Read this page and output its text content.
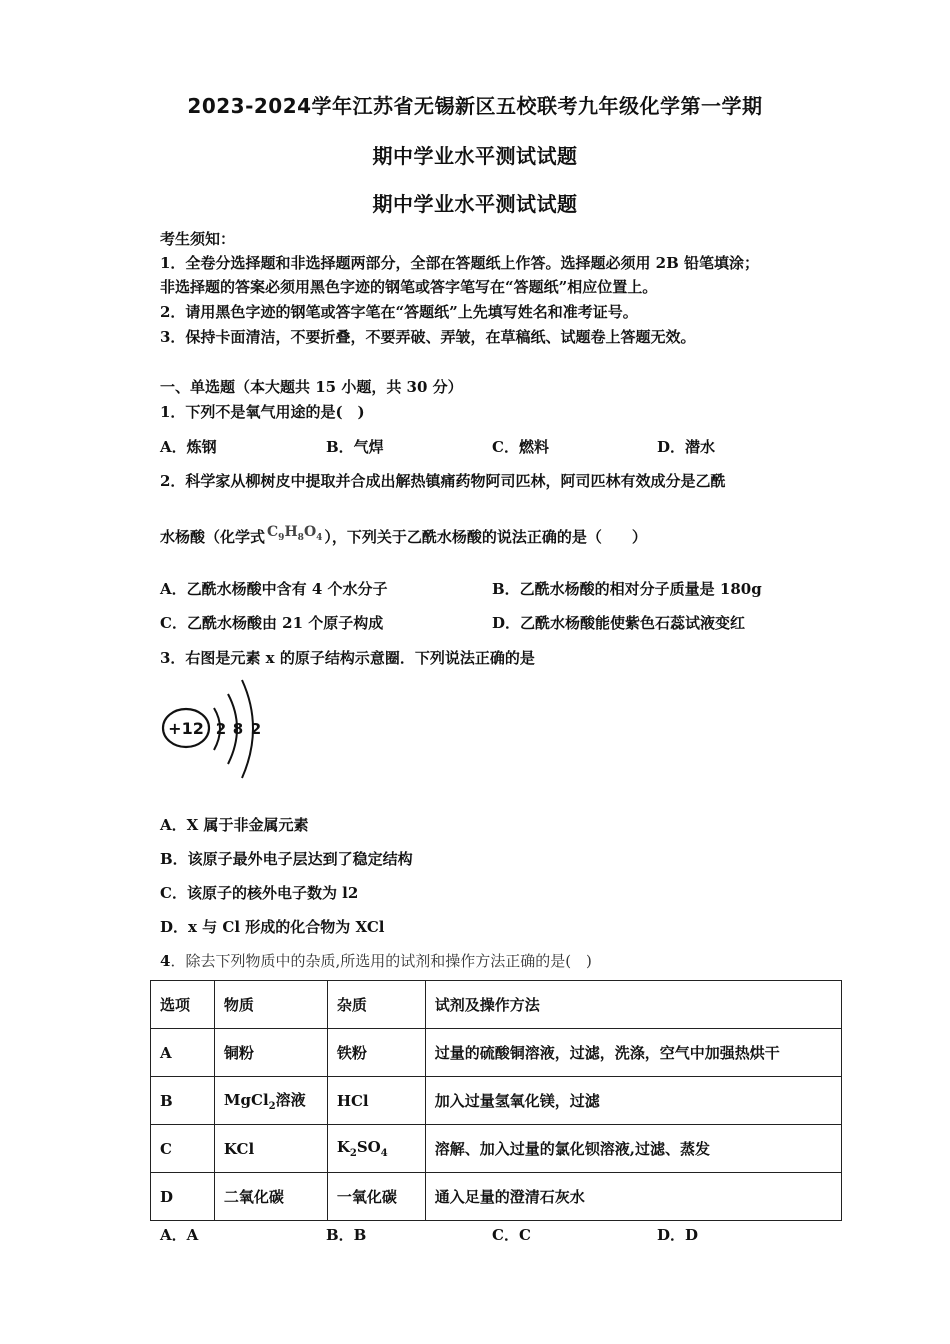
2023-2024学年江苏省无锡新区五校联考九年级化学第一学期
期中学业水平测试试题
期中学业水平测试试题
考生须知：
1．全卷分选择题和非选择题两部分，全部在答题纸上作答。选择题必须用 2B 铅笔填涂；
非选择题的答案必须用黑色字迹的钢笔或答字笔写在“答题纸”相应位置上。
2．请用黑色字迹的钢笔或答字笔在“答题纸”上先填写姓名和准考证号。
3．保持卡面清洁，不要折叠，不要弄破、弄皱，在草稿纸、试题卷上答题无效。
一、单选题（本大题共 15 小题，共 30 分）
1．下列不是氧气用途的是(　)
A．炼钢	B．气焊	C．燃料	D．潜水
2．科学家从柳树皮中提取并合成出解热镇痛药物阿司匹林，阿司匹林有效成分是乙酰
水杨酸（化学式 $C_9H_8O_4$ ），下列关于乙酰水杨酸的说法正确的是（　　）
A．乙酰水杨酸中含有 4 个水分子	B．乙酰水杨酸的相对分子质量是 180g
C．乙酰水杨酸由 21 个原子构成	D．乙酰水杨酸能使紫色石蕊试液变红
3．右图是元素 x 的原子结构示意圈．下列说法正确的是
+12 2 8 2
A．X 属于非金属元素
B．该原子最外电子层达到了稳定结构
C．该原子的核外电子数为 l2
D．x 与 Cl 形成的化合物为 XCl
4．除去下列物质中的杂质,所选用的试剂和操作方法正确的是(　)
选项	物质	杂质	试剂及操作方法
A	铜粉	铁粉	过量的硫酸铜溶液，过滤，洗涤，空气中加强热烘干
B	MgCl$_2$溶液	HCl	加入过量氢氧化镁，过滤
C	KCl	$K_2SO_4$	溶解、加入过量的氯化钡溶液,过滤、蒸发
D	二氧化碳	一氧化碳	通入足量的澄清石灰水
A．A	B．B	C．C	D．D
